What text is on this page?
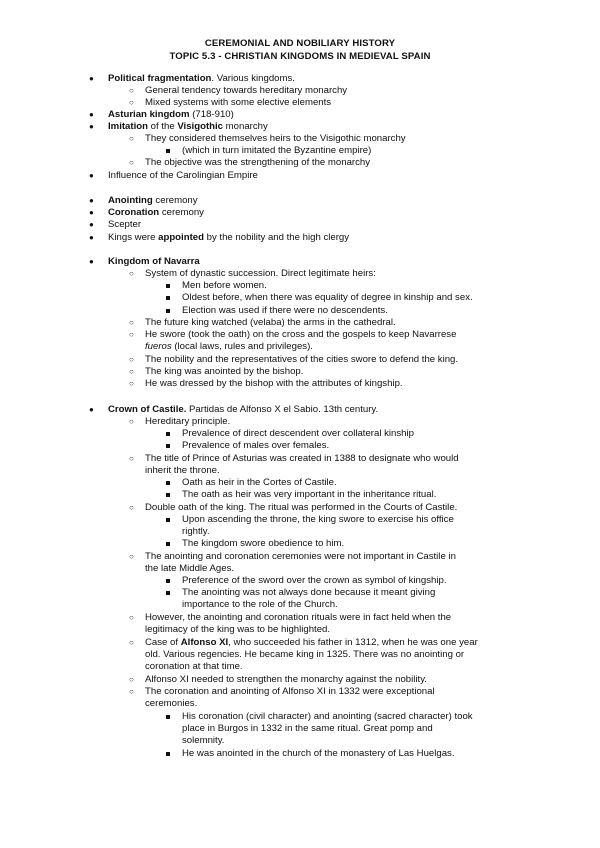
CEREMONIAL AND NOBILIARY HISTORY
TOPIC 5.3 - CHRISTIAN KINGDOMS IN MEDIEVAL SPAIN
● Political fragmentation. Various kingdoms.
○ General tendency towards hereditary monarchy
○ Mixed systems with some elective elements
● Asturian kingdom (718-910)
● Imitation of the Visigothic monarchy
○ They considered themselves heirs to the Visigothic monarchy
(which in turn imitated the Byzantine empire)
○ The objective was the strengthening of the monarchy
● Influence of the Carolingian Empire
● Anointing ceremony
● Coronation ceremony
● Scepter
● Kings were appointed by the nobility and the high clergy
● Kingdom of Navarra
○ System of dynastic succession. Direct legitimate heirs:
Men before women.
Oldest before, when there was equality of degree in kinship and sex.
Election was used if there were no descendents.
○ The future king watched (velaba) the arms in the cathedral.
○ He swore (took the oath) on the cross and the gospels to keep Navarrese
fueros (local laws, rules and privileges).
○ The nobility and the representatives of the cities swore to defend the king.
○ The king was anointed by the bishop.
○ He was dressed by the bishop with the attributes of kingship.
● Crown of Castile. Partidas de Alfonso X el Sabio. 13th century.
○ Hereditary principle.
Prevalence of direct descendent over collateral kinship
Prevalence of males over females.
○ The title of Prince of Asturias was created in 1388 to designate who would
inherit the throne.
Oath as heir in the Cortes of Castile.
The oath as heir was very important in the inheritance ritual.
○ Double oath of the king. The ritual was performed in the Courts of Castile.
Upon ascending the throne, the king swore to exercise his office
rightly.
The kingdom swore obedience to him.
○ The anointing and coronation ceremonies were not important in Castile in
the late Middle Ages.
Preference of the sword over the crown as symbol of kingship.
The anointing was not always done because it meant giving
importance to the role of the Church.
○ However, the anointing and coronation rituals were in fact held when the
legitimacy of the king was to be highlighted.
○ Case of Alfonso XI, who succeeded his father in 1312, when he was one year
old. Various regencies. He became king in 1325. There was no anointing or
coronation at that time.
○ Alfonso XI needed to strengthen the monarchy against the nobility.
○ The coronation and anointing of Alfonso XI in 1332 were exceptional
ceremonies.
His coronation (civil character) and anointing (sacred character) took
place in Burgos in 1332 in the same ritual. Great pomp and
solemnity.
He was anointed in the church of the monastery of Las Huelgas.
